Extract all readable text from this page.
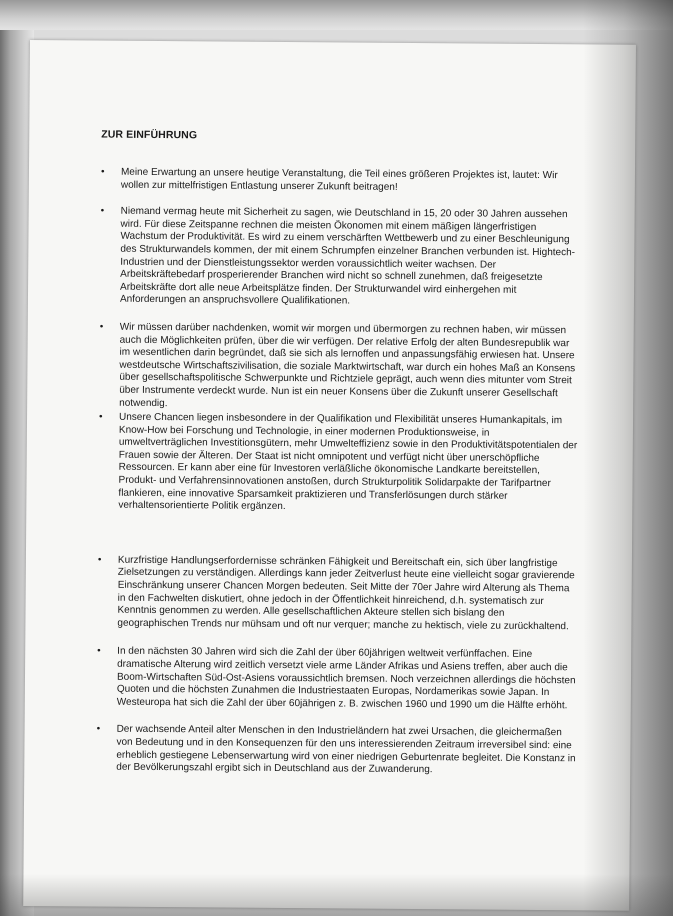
ZUR EINFÜHRUNG
• Meine Erwartung an unsere heutige Veranstaltung, die Teil eines größeren Projektes ist, lautet: Wir wollen zur mittelfristigen Entlastung unserer Zukunft beitragen!
• Niemand vermag heute mit Sicherheit zu sagen, wie Deutschland in 15, 20 oder 30 Jahren aussehen wird. Für diese Zeitspanne rechnen die meisten Ökonomen mit einem mäßigen längerfristigen Wachstum der Produktivität. Es wird zu einem verschärften Wettbewerb und zu einer Beschleunigung des Strukturwandels kommen, der mit einem Schrumpfen einzelner Branchen verbunden ist. Hightech-Industrien und der Dienstleistungssektor werden voraussichtlich weiter wachsen. Der Arbeitskräftebedarf prosperierender Branchen wird nicht so schnell zunehmen, daß freigesetzte Arbeitskräfte dort alle neue Arbeitsplätze finden. Der Strukturwandel wird einhergehen mit Anforderungen an anspruchsvollere Qualifikationen.
• Wir müssen darüber nachdenken, womit wir morgen und übermorgen zu rechnen haben, wir müssen auch die Möglichkeiten prüfen, über die wir verfügen. Der relative Erfolg der alten Bundesrepublik war im wesentlichen darin begründet, daß sie sich als lernoffen und anpassungsfähig erwiesen hat. Unsere westdeutsche Wirtschaftszivilisation, die soziale Marktwirtschaft, war durch ein hohes Maß an Konsens über gesellschaftspolitische Schwerpunkte und Richtziele geprägt, auch wenn dies mitunter vom Streit über Instrumente verdeckt wurde. Nun ist ein neuer Konsens über die Zukunft unserer Gesellschaft notwendig.
• Unsere Chancen liegen insbesondere in der Qualifikation und Flexibilität unseres Humankapitals, im Know-How bei Forschung und Technologie, in einer modernen Produktionsweise, in umweltverträglichen Investitionsgütern, mehr Umwelteffizienz sowie in den Produktivitätspotentialen der Frauen sowie der Älteren. Der Staat ist nicht omnipotent und verfügt nicht über unerschöpfliche Ressourcen. Er kann aber eine für Investoren verläßliche ökonomische Landkarte bereitstellen, Produkt- und Verfahrensinnovationen anstoßen, durch Strukturpolitik Solidarpakte der Tarifpartner flankieren, eine innovative Sparsamkeit praktizieren und Transferlösungen durch stärker verhaltensorientierte Politik ergänzen.
• Kurzfristige Handlungserfordernisse schränken Fähigkeit und Bereitschaft ein, sich über langfristige Zielsetzungen zu verständigen. Allerdings kann jeder Zeitverlust heute eine vielleicht sogar gravierende Einschränkung unserer Chancen Morgen bedeuten. Seit Mitte der 70er Jahre wird Alterung als Thema in den Fachwelten diskutiert, ohne jedoch in der Öffentlichkeit hinreichend, d.h. systematisch zur Kenntnis genommen zu werden. Alle gesellschaftlichen Akteure stellen sich bislang den geographischen Trends nur mühsam und oft nur verquer; manche zu hektisch, viele zu zurückhaltend.
• In den nächsten 30 Jahren wird sich die Zahl der über 60jährigen weltweit verfünffachen. Eine dramatische Alterung wird zeitlich versetzt viele arme Länder Afrikas und Asiens treffen, aber auch die Boom-Wirtschaften Süd-Ost-Asiens voraussichtlich bremsen. Noch verzeichnen allerdings die höchsten Quoten und die höchsten Zunahmen die Industriestaaten Europas, Nordamerikas sowie Japan. In Westeuropa hat sich die Zahl der über 60jährigen z. B. zwischen 1960 und 1990 um die Hälfte erhöht.
• Der wachsende Anteil alter Menschen in den Industrieländern hat zwei Ursachen, die gleichermaßen von Bedeutung und in den Konsequenzen für den uns interessierenden Zeitraum irreversibel sind: eine erheblich gestiegene Lebenserwartung wird von einer niedrigen Geburtenrate begleitet. Die Konstanz in der Bevölkerungszahl ergibt sich in Deutschland aus der Zuwanderung.
